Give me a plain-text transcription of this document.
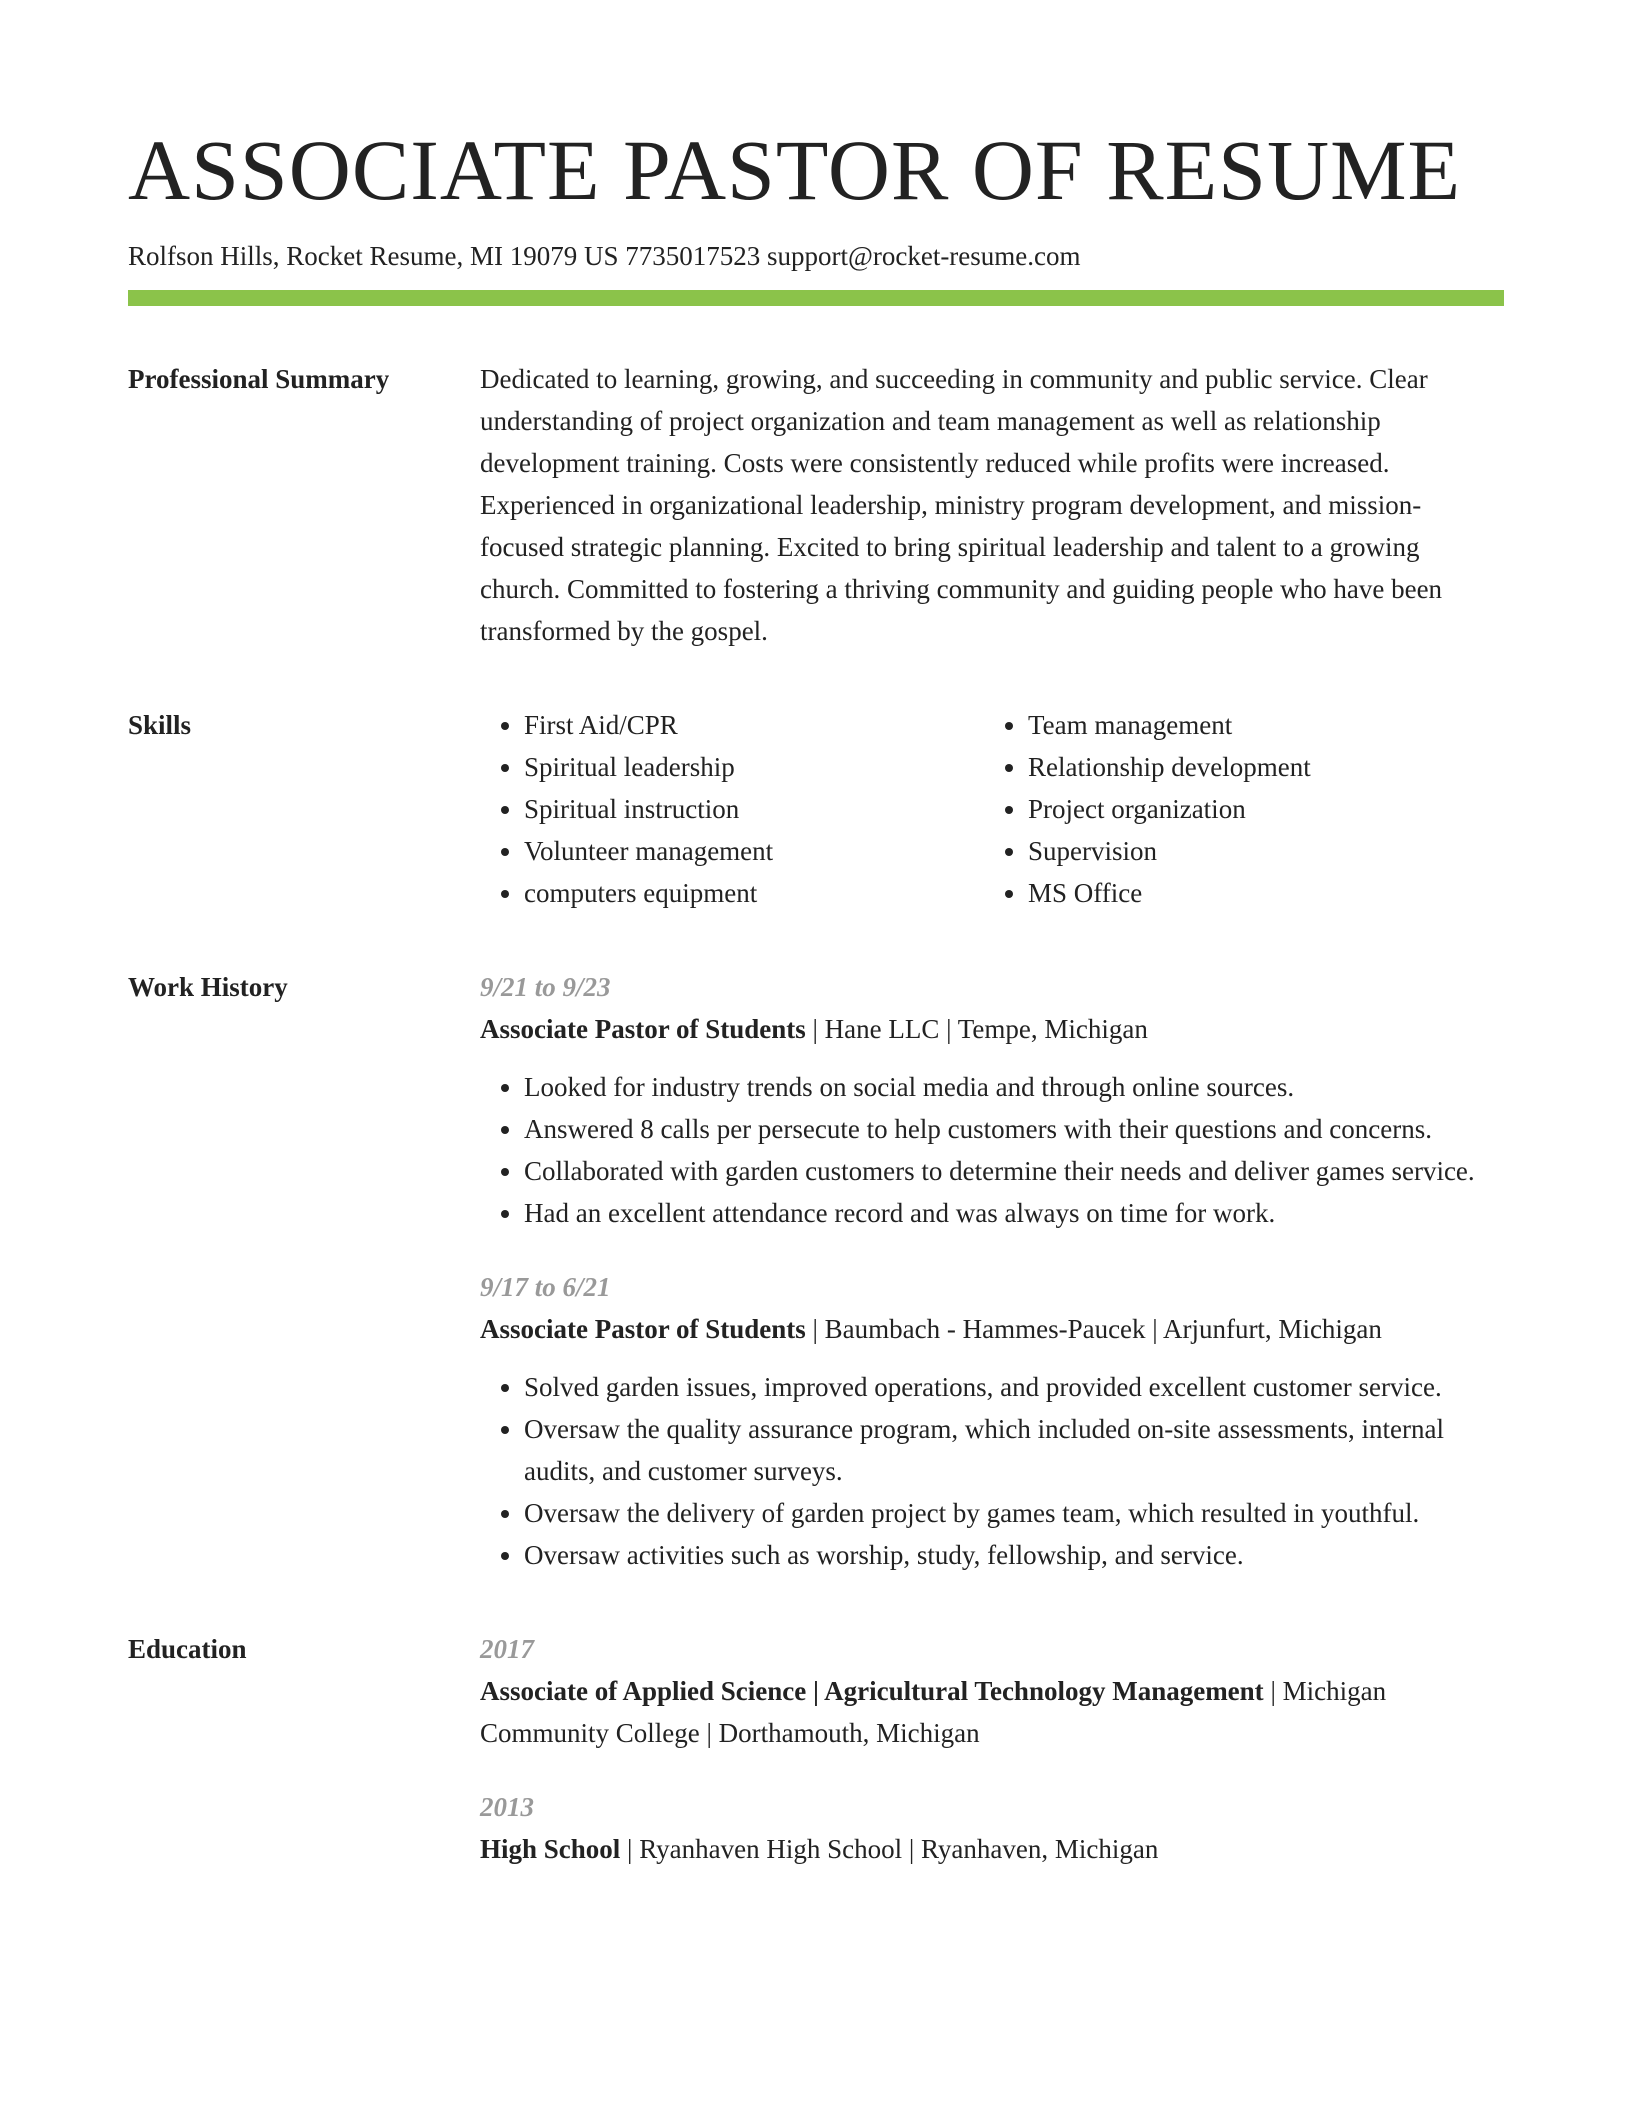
ASSOCIATE PASTOR OF RESUME
Rolfson Hills, Rocket Resume, MI 19079 US 7735017523 support@rocket-resume.com
Professional Summary	Dedicated to learning, growing, and succeeding in community and public service. Clear understanding of project organization and team management as well as relationship development training. Costs were consistently reduced while profits were increased. Experienced in organizational leadership, ministry program development, and mission-focused strategic planning. Excited to bring spiritual leadership and talent to a growing church. Committed to fostering a thriving community and guiding people who have been transformed by the gospel.

Skills
•	First Aid/CPR
• Spiritual leadership
• Spiritual instruction
• Volunteer management
• computers equipment
• Team management
• Relationship development
• Project organization
• Supervision
• MS Office
Work History	9/21 to 9/23
Associate Pastor of Students | Hane LLC | Tempe, Michigan
• Looked for industry trends on social media and through online sources.
• Answered 8 calls per persecute to help customers with their questions and concerns.
• Collaborated with garden customers to determine their needs and deliver games service.
• Had an excellent attendance record and was always on time for work.
9/17 to 6/21
Associate Pastor of Students | Baumbach - Hammes-Paucek | Arjunfurt, Michigan
• Solved garden issues, improved operations, and provided excellent customer service.
• Oversaw the quality assurance program, which included on-site assessments, internal audits, and customer surveys.
• Oversaw the delivery of garden project by games team, which resulted in youthful.
• Oversaw activities such as worship, study, fellowship, and service.
Education	2017
Associate of Applied Science | Agricultural Technology Management | Michigan Community College | Dorthamouth, Michigan
2013
High School | Ryanhaven High School | Ryanhaven, Michigan
